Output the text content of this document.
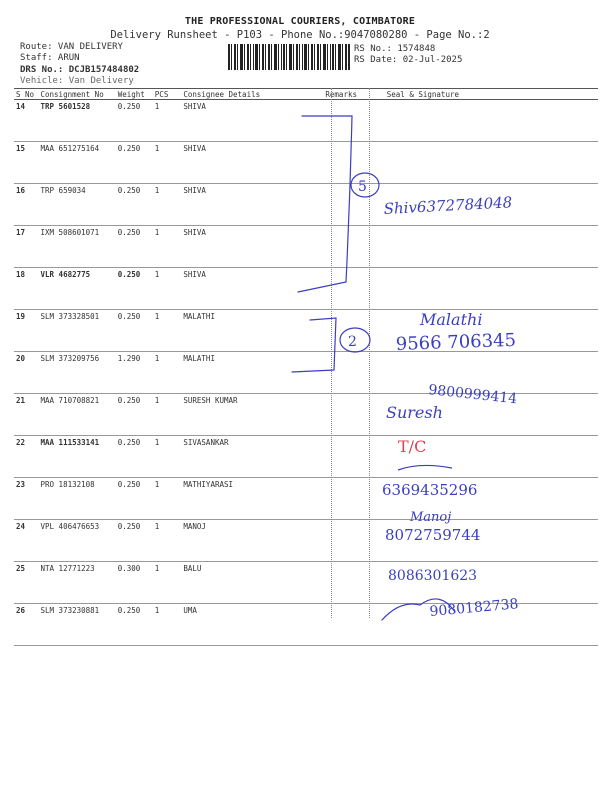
THE PROFESSIONAL COURIERS, COIMBATORE
Delivery Runsheet - P103 - Phone No.:9047080280 - Page No.:2
Route: VAN DELIVERY
Staff: ARUN
DRS No.: DCJB157484802
Vehicle: Van Delivery
RS No.: 1574848
RS Date: 02-Jul-2025
S No	Consignment No	Weight	PCS	Consignee Details	Remarks	Seal & Signature
14	TRP 5601528	0.250	1	SHIVA		
15	MAA 651275164	0.250	1	SHIVA		
16	TRP 659034	0.250	1	SHIVA		
17	IXM 508601071	0.250	1	SHIVA		
18	VLR 4682775	0.250	1	SHIVA		
19	SLM 373328501	0.250	1	MALATHI		
20	SLM 373209756	1.290	1	MALATHI		
21	MAA 710708821	0.250	1	SURESH KUMAR		
22	MAA 111533141	0.250	1	SIVASANKAR		
23	PRO 18132108	0.250	1	MATHIYARASI		
24	VPL 406476653	0.250	1	MANOJ		
25	NTA 12771223	0.300	1	BALU		
26	SLM 373230881	0.250	1	UMA		
5
Shiv6372784048
Malathi
2 9566 706345
9800999414
Suresh
6369435296
Manoj
8072759744
8086301623
9080182738
T/C
